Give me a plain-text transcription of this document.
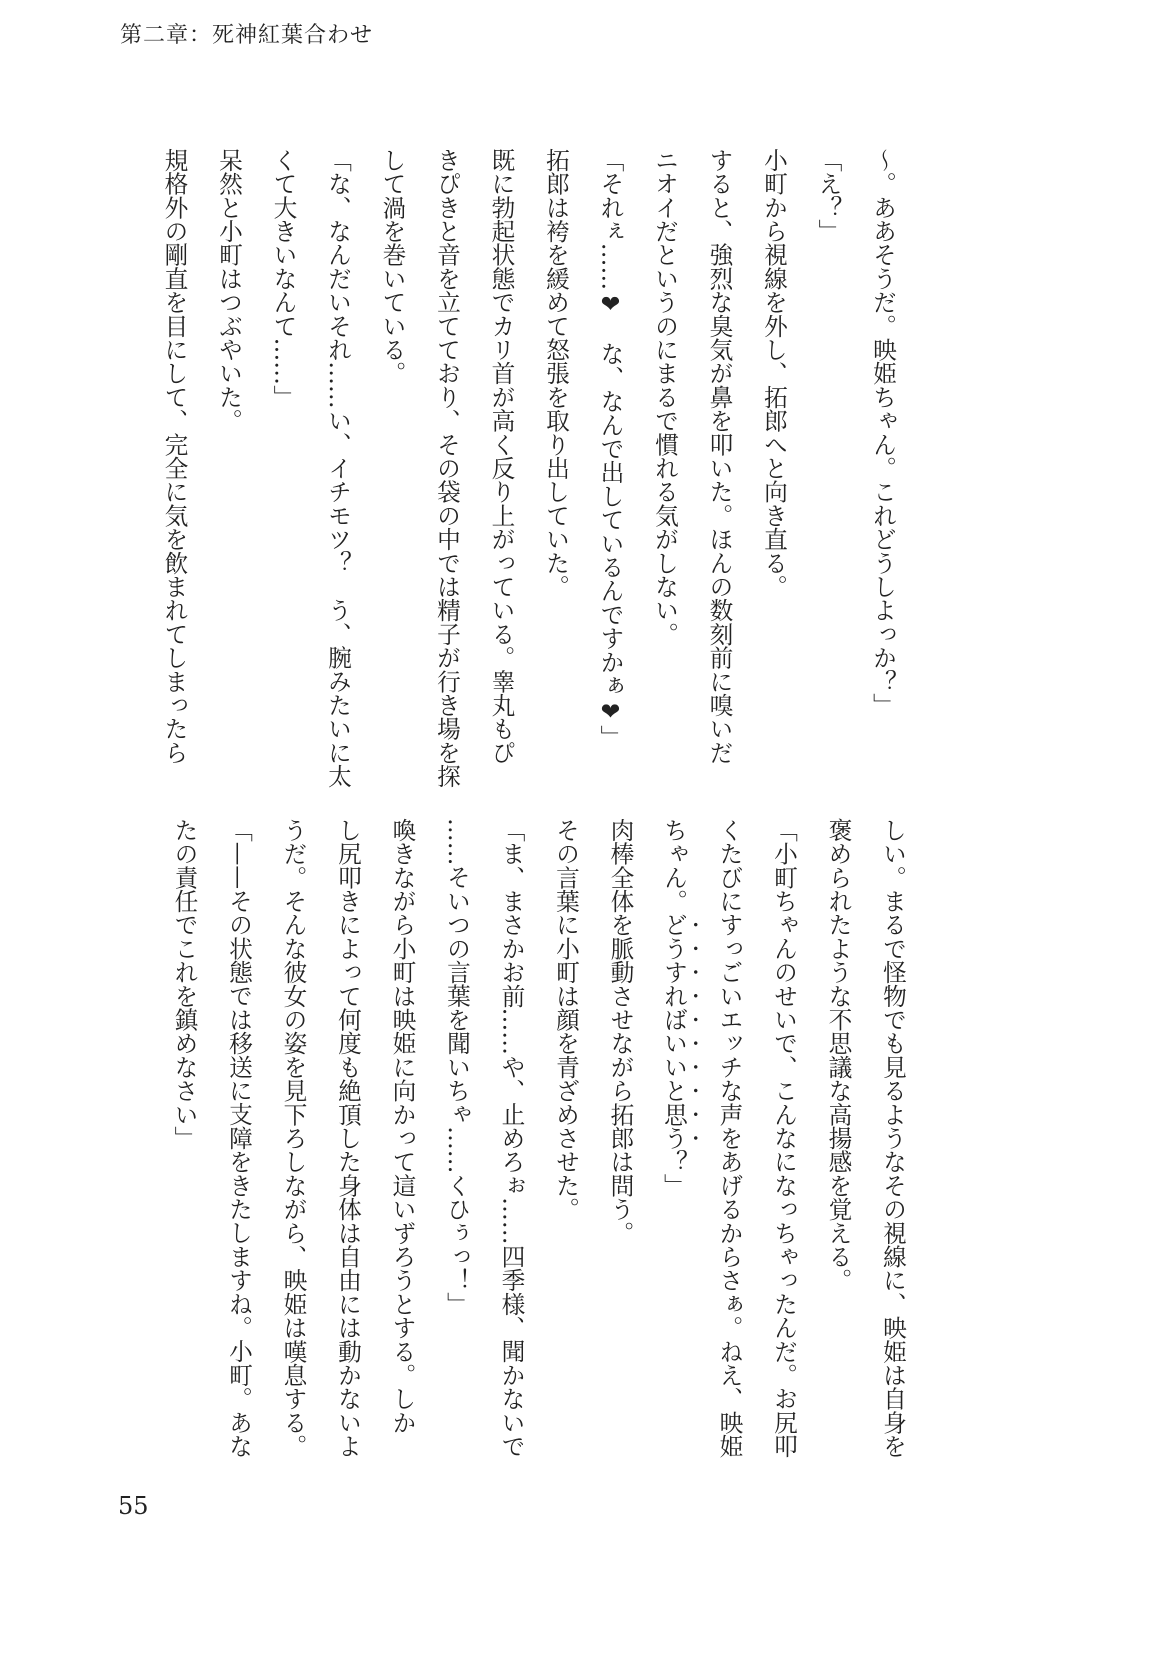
第二章：死神紅葉合わせ
〜。ああそうだ。映姫ちゃん。これどうしよっか？」
「え？」
小町から視線を外し、拓郎へと向き直る。
すると、強烈な臭気が鼻を叩いた。ほんの数刻前に嗅いだ
ニオイだというのにまるで慣れる気がしない。
「それぇ……❤　な、なんで出しているんですかぁ❤」
拓郎は袴を緩めて怒張を取り出していた。
既に勃起状態でカリ首が高く反り上がっている。睾丸もぴ
きぴきと音を立てており、その袋の中では精子が行き場を探
して渦を巻いている。
「な、なんだいそれ……い、イチモツ？　う、腕みたいに太
くて大きいなんて……」
呆然と小町はつぶやいた。
規格外の剛直を目にして、完全に気を飲まれてしまったら
しい。まるで怪物でも見るようなその視線に、映姫は自身を
褒められたような不思議な高揚感を覚える。
「小町ちゃんのせいで、こんなになっちゃったんだ。お尻叩
くたびにすっごいエッチな声をあげるからさぁ。ねえ、映姫
ちゃん。どうすればいいと思う？」
肉棒全体を脈動させながら拓郎は問う。
その言葉に小町は顔を青ざめさせた。
「ま、まさかお前……や、止めろぉ……四季様、聞かないで
……そいつの言葉を聞いちゃ……くひぅっ！」
喚きながら小町は映姫に向かって這いずろうとする。しか
し尻叩きによって何度も絶頂した身体は自由には動かないよ
うだ。そんな彼女の姿を見下ろしながら、映姫は嘆息する。
「——その状態では移送に支障をきたしますね。小町。あな
たの責任でこれを鎮めなさい」
55
